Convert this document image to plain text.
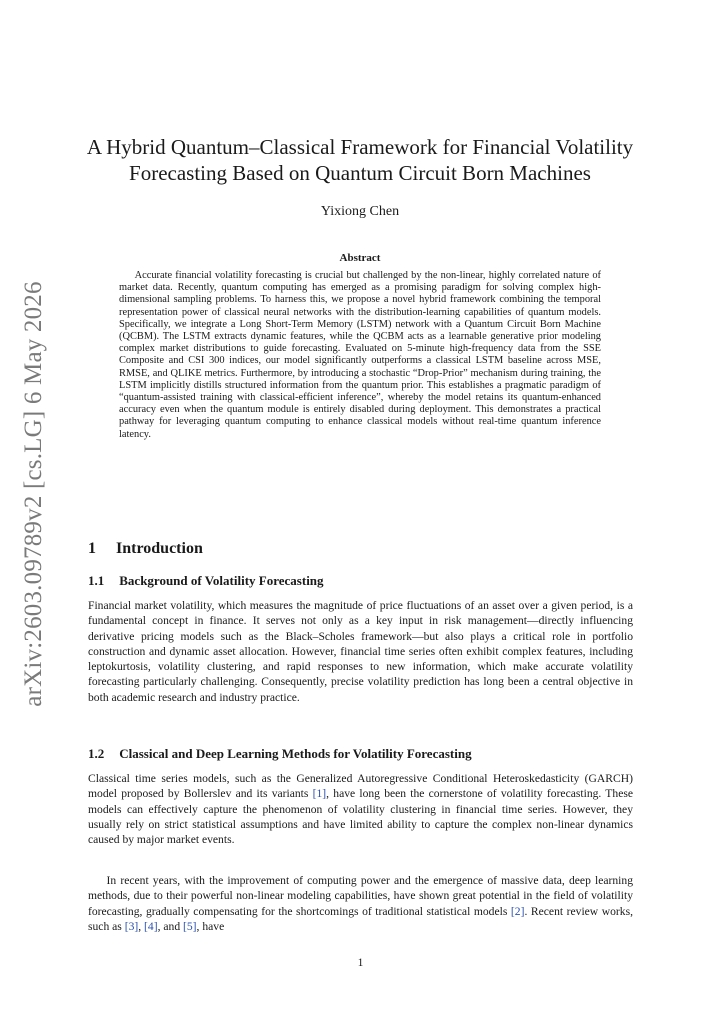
arXiv:2603.09789v2 [cs.LG] 6 May 2026
A Hybrid Quantum–Classical Framework for Financial Volatility
Forecasting Based on Quantum Circuit Born Machines
Yixiong Chen
Abstract

Accurate financial volatility forecasting is crucial but challenged by the non-linear, highly correlated nature of market data. Recently, quantum computing has emerged as a promising paradigm for solving complex high-dimensional sampling problems. To harness this, we propose a novel hybrid framework combining the temporal representation power of classical neural networks with the distribution-learning capabilities of quantum models. Specifically, we integrate a Long Short-Term Memory (LSTM) network with a Quantum Circuit Born Machine (QCBM). The LSTM extracts dynamic features, while the QCBM acts as a learnable generative prior modeling complex market distributions to guide forecasting. Evaluated on 5-minute high-frequency data from the SSE Composite and CSI 300 indices, our model significantly outperforms a classical LSTM baseline across MSE, RMSE, and QLIKE metrics. Furthermore, by introducing a stochastic “Drop-Prior” mechanism during training, the LSTM implicitly distills structured information from the quantum prior. This establishes a pragmatic paradigm of “quantum-assisted training with classical-efficient inference”, whereby the model retains its quantum-enhanced accuracy even when the quantum module is entirely disabled during deployment. This demonstrates a practical pathway for leveraging quantum computing to enhance classical models without real-time quantum inference latency.

1 Introduction
1.1 Background of Volatility Forecasting

Financial market volatility, which measures the magnitude of price fluctuations of an asset over a given period, is a fundamental concept in finance. It serves not only as a key input in risk management—directly influencing derivative pricing models such as the Black–Scholes framework—but also plays a critical role in portfolio construction and dynamic asset allocation. However, financial time series often exhibit complex features, including leptokurtosis, volatility clustering, and rapid responses to new information, which make accurate volatility forecasting particularly challenging. Consequently, precise volatility prediction has long been a central objective in both academic research and industry practice.

1.2 Classical and Deep Learning Methods for Volatility Forecasting

Classical time series models, such as the Generalized Autoregressive Conditional Heteroskedasticity (GARCH) model proposed by Bollerslev and its variants [1], have long been the cornerstone of volatility forecasting. These models can effectively capture the phenomenon of volatility clustering in financial time series. However, they usually rely on strict statistical assumptions and have limited ability to capture the complex non-linear dynamics caused by major market events.

In recent years, with the improvement of computing power and the emergence of massive data, deep learning methods, due to their powerful non-linear modeling capabilities, have shown great potential in the field of volatility forecasting, gradually compensating for the shortcomings of traditional statistical models [2]. Recent review works, such as [3], [4], and [5], have

1
